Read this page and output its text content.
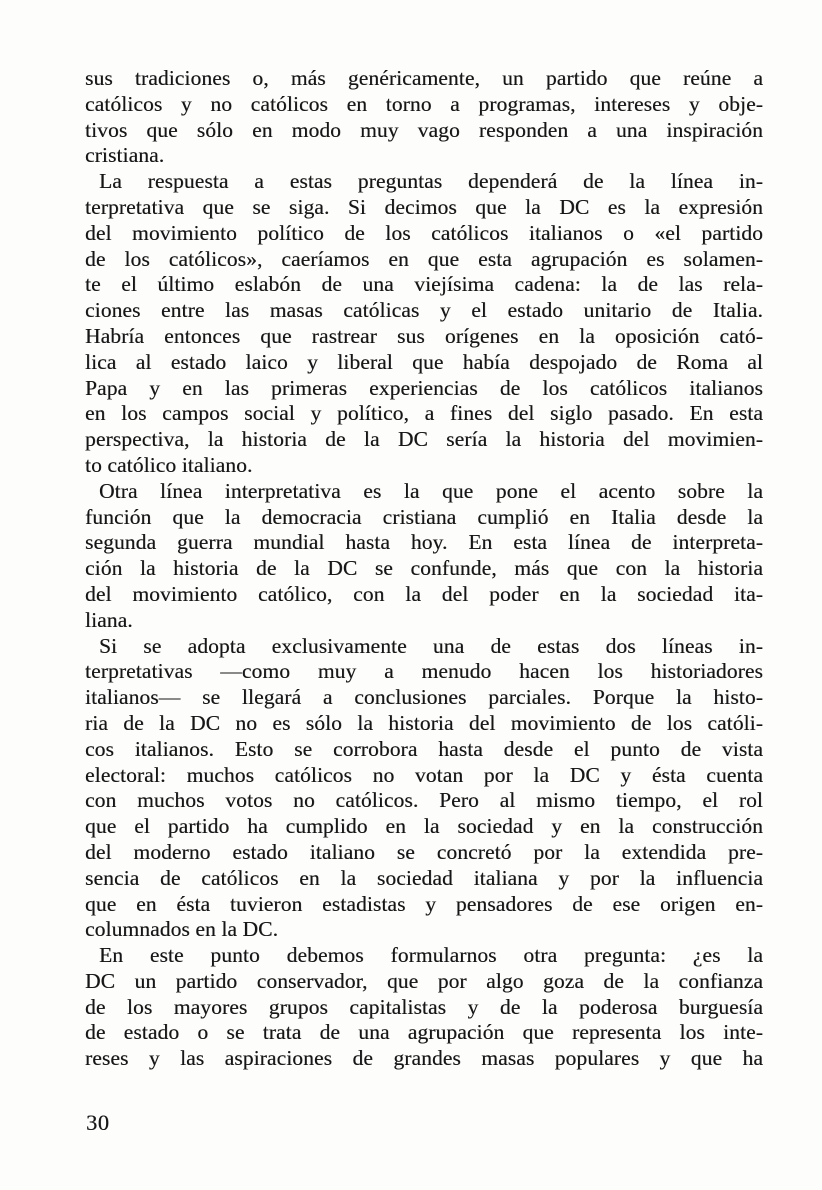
sus tradiciones o, más genéricamente, un partido que reúne a
católicos y no católicos en torno a programas, intereses y obje-
tivos que sólo en modo muy vago responden a una inspiración
cristiana.
La respuesta a estas preguntas dependerá de la línea in-
terpretativa que se siga. Si decimos que la DC es la expresión
del movimiento político de los católicos italianos o «el partido
de los católicos», caeríamos en que esta agrupación es solamen-
te el último eslabón de una viejísima cadena: la de las rela-
ciones entre las masas católicas y el estado unitario de Italia.
Habría entonces que rastrear sus orígenes en la oposición cató-
lica al estado laico y liberal que había despojado de Roma al
Papa y en las primeras experiencias de los católicos italianos
en los campos social y político, a fines del siglo pasado. En esta
perspectiva, la historia de la DC sería la historia del movimien-
to católico italiano.
Otra línea interpretativa es la que pone el acento sobre la
función que la democracia cristiana cumplió en Italia desde la
segunda guerra mundial hasta hoy. En esta línea de interpreta-
ción la historia de la DC se confunde, más que con la historia
del movimiento católico, con la del poder en la sociedad ita-
liana.
Si se adopta exclusivamente una de estas dos líneas in-
terpretativas —como muy a menudo hacen los historiadores
italianos— se llegará a conclusiones parciales. Porque la histo-
ria de la DC no es sólo la historia del movimiento de los católi-
cos italianos. Esto se corrobora hasta desde el punto de vista
electoral: muchos católicos no votan por la DC y ésta cuenta
con muchos votos no católicos. Pero al mismo tiempo, el rol
que el partido ha cumplido en la sociedad y en la construcción
del moderno estado italiano se concretó por la extendida pre-
sencia de católicos en la sociedad italiana y por la influencia
que en ésta tuvieron estadistas y pensadores de ese origen en-
columnados en la DC.
En este punto debemos formularnos otra pregunta: ¿es la
DC un partido conservador, que por algo goza de la confianza
de los mayores grupos capitalistas y de la poderosa burguesía
de estado o se trata de una agrupación que representa los inte-
reses y las aspiraciones de grandes masas populares y que ha
30
